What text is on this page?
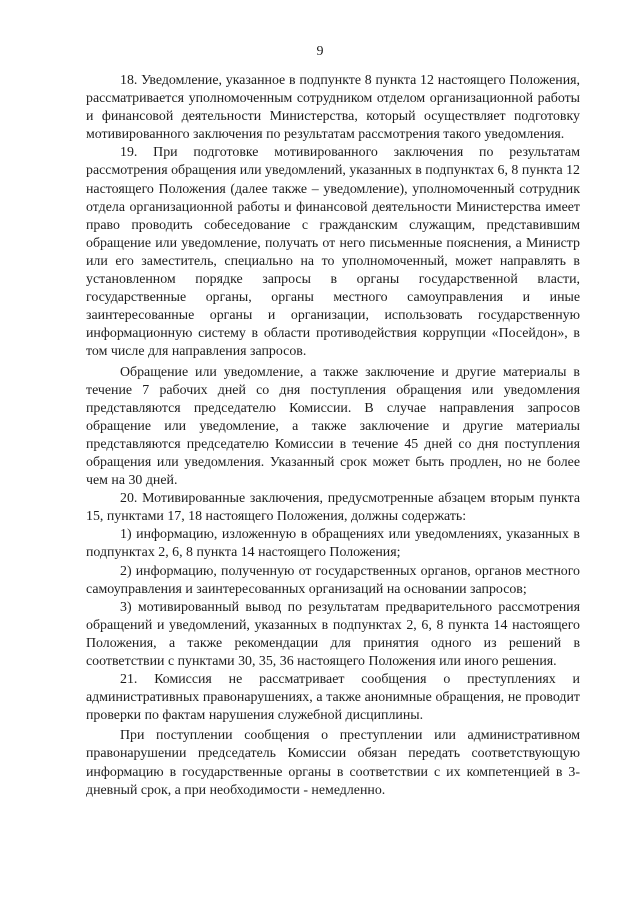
9

18. Уведомление, указанное в подпункте 8 пункта 12 настоящего Положения, рассматривается уполномоченным сотрудником отделом организационной работы и финансовой деятельности Министерства, который осуществляет подготовку мотивированного заключения по результатам рассмотрения такого уведомления.

19. При подготовке мотивированного заключения по результатам рассмотрения обращения или уведомлений, указанных в подпунктах 6, 8 пункта 12 настоящего Положения (далее также – уведомление), уполномоченный сотрудник отдела организационной работы и финансовой деятельности Министерства имеет право проводить собеседование с гражданским служащим, представившим обращение или уведомление, получать от него письменные пояснения, а Министр или его заместитель, специально на то уполномоченный, может направлять в установленном порядке запросы в органы государственной власти, государственные органы, органы местного самоуправления и иные заинтересованные органы и организации, использовать государственную информационную систему в области противодействия коррупции «Посейдон», в том числе для направления запросов.

Обращение или уведомление, а также заключение и другие материалы в течение 7 рабочих дней со дня поступления обращения или уведомления представляются председателю Комиссии. В случае направления запросов обращение или уведомление, а также заключение и другие материалы представляются председателю Комиссии в течение 45 дней со дня поступления обращения или уведомления. Указанный срок может быть продлен, но не более чем на 30 дней.

20. Мотивированные заключения, предусмотренные абзацем вторым пункта 15, пунктами 17, 18 настоящего Положения, должны содержать:

1) информацию, изложенную в обращениях или уведомлениях, указанных в подпунктах 2, 6, 8 пункта 14 настоящего Положения;

2) информацию, полученную от государственных органов, органов местного самоуправления и заинтересованных организаций на основании запросов;

3) мотивированный вывод по результатам предварительного рассмотрения обращений и уведомлений, указанных в подпунктах 2, 6, 8 пункта 14 настоящего Положения, а также рекомендации для принятия одного из решений в соответствии с пунктами 30, 35, 36 настоящего Положения или иного решения.

21. Комиссия не рассматривает сообщения о преступлениях и административных правонарушениях, а также анонимные обращения, не проводит проверки по фактам нарушения служебной дисциплины.

При поступлении сообщения о преступлении или административном правонарушении председатель Комиссии обязан передать соответствующую информацию в государственные органы в соответствии с их компетенцией в 3-дневный срок, а при необходимости - немедленно.
